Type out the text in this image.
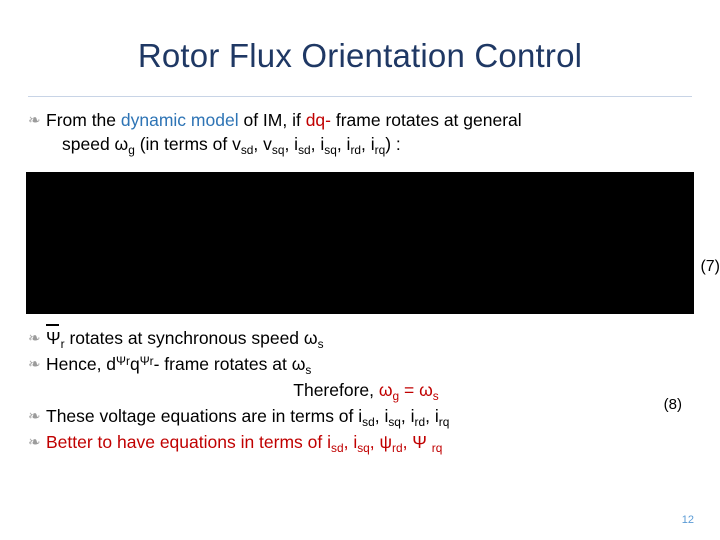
Rotor Flux Orientation Control
❧ From the dynamic model of IM, if dq- frame rotates at general
speed $\omega_g$ (in terms of $v_{sd}$, $v_{sq}$, $i_{sd}$, $i_{sq}$, $i_{rd}$, $i_{rq}$) :
(7)
❧ $\Psi_r$ rotates at synchronous speed $\omega_s$
❧ Hence, $d^{\Psi r}q^{\Psi r}-$ frame rotates at $\omega_s$
Therefore, $\omega_g = \omega_s$
❧ These voltage equations are in terms of $i_{sd}$, $i_{sq}$, $i_{rd}$, $i_{rq}$
❧ Better to have equations in terms of $i_{sd}$, $i_{sq}$, $\psi_{rd}$, Ψ $_{rq}$
(8)
12
